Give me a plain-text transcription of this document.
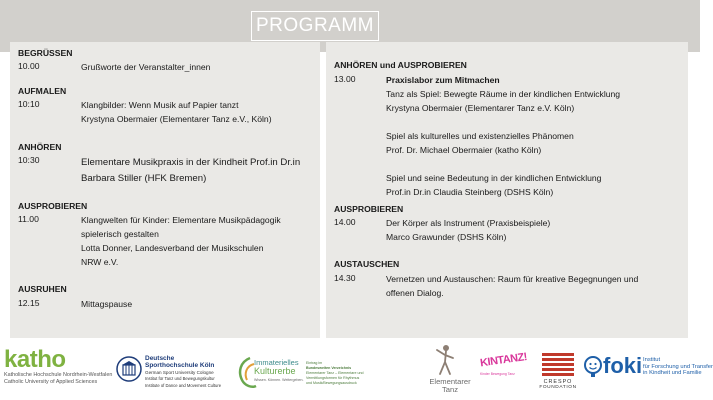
PROGRAMM
BEGRÜSSEN
10.00	Grußworte der Veranstalter_innen
AUFMALEN
10:10	Klangbilder: Wenn Musik auf Papier tanzt
Krystyna Obermaier (Elementarer Tanz e.V., Köln)
ANHÖREN
10:30	Elementare Musikpraxis in der Kindheit Prof.in Dr.in
Barbara Stiller (HFK Bremen)
AUSPROBIEREN
11.00	Klangwelten für Kinder: Elementare Musikpädagogik
spielerisch gestalten
Lotta Donner, Landesverband der Musikschulen
NRW e.V.
AUSRUHEN
12.15	Mittagspause
ANHÖREN und AUSPROBIEREN
13.00	Praxislabor zum Mitmachen
Tanz als Spiel: Bewegte Räume in der kindlichen Entwicklung
Krystyna Obermaier (Elementarer Tanz e.V. Köln)
Spiel als kulturelles und existenzielles Phänomen
Prof. Dr. Michael Obermaier (katho Köln)
Spiel und seine Bedeutung in der kindlichen Entwicklung
Prof.in Dr.in Claudia Steinberg (DSHS Köln)
AUSPROBIEREN
14.00	Der Körper als Instrument (Praxisbeispiele)
Marco Grawunder (DSHS Köln)
AUSTAUSCHEN
14.30	Vernetzen und Austauschen: Raum für kreative Begegnungen und
offenen Dialog.
katho
Katholische Hochschule Nordrhein-Westfalen
Catholic University of Applied Sciences
Deutsche
Sporthochschule Köln
German Sport University Cologne
Institut für Tanz und Bewegungskultur
Institute of Dance and Movement Culture
Immaterielles
Kulturerbe
Wissen. Können. Weitergeben.
Eintrag im
Bundesweiten Verzeichnis
Elementarer Tanz – Elementare und
Vermittlungsformen für Rhythmus
und Musik/Bewegungsausdruck	Elementarer
Tanz
KINTANZ!
Kinder Bewegung Tanz
CRESPO
FOUNDATION
foki Institut
für Forschung und Transfer
in Kindheit und Familie
